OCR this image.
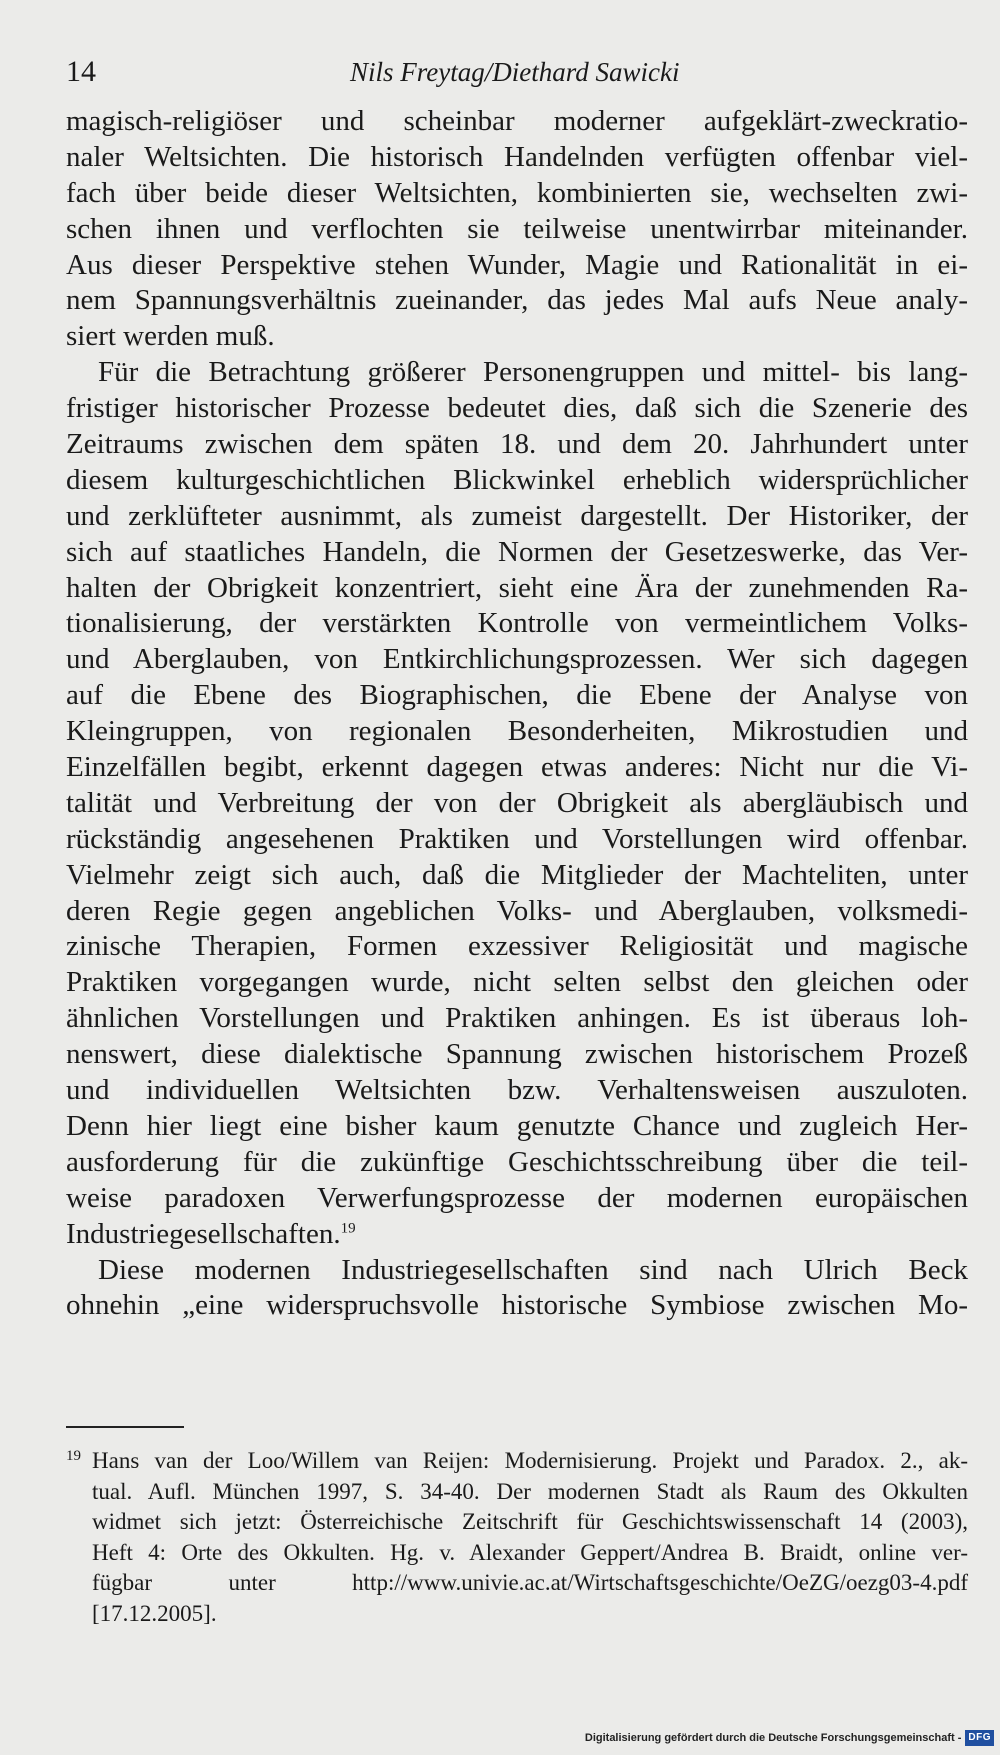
14	Nils Freytag/Diethard Sawicki
magisch-religiöser und scheinbar moderner aufgeklärt-zweckratio-
naler Weltsichten. Die historisch Handelnden verfügten offenbar viel-
fach über beide dieser Weltsichten, kombinierten sie, wechselten zwi-
schen ihnen und verflochten sie teilweise unentwirrbar miteinander.
Aus dieser Perspektive stehen Wunder, Magie und Rationalität in ei-
nem Spannungsverhältnis zueinander, das jedes Mal aufs Neue analy-
siert werden muß.
Für die Betrachtung größerer Personengruppen und mittel- bis lang-
fristiger historischer Prozesse bedeutet dies, daß sich die Szenerie des
Zeitraums zwischen dem späten 18. und dem 20. Jahrhundert unter
diesem kulturgeschichtlichen Blickwinkel erheblich widersprüchlicher
und zerklüfteter ausnimmt, als zumeist dargestellt. Der Historiker, der
sich auf staatliches Handeln, die Normen der Gesetzeswerke, das Ver-
halten der Obrigkeit konzentriert, sieht eine Ära der zunehmenden Ra-
tionalisierung, der verstärkten Kontrolle von vermeintlichem Volks-
und Aberglauben, von Entkirchlichungsprozessen. Wer sich dagegen
auf die Ebene des Biographischen, die Ebene der Analyse von
Kleingruppen, von regionalen Besonderheiten, Mikrostudien und
Einzelfällen begibt, erkennt dagegen etwas anderes: Nicht nur die Vi-
talität und Verbreitung der von der Obrigkeit als abergläubisch und
rückständig angesehenen Praktiken und Vorstellungen wird offenbar.
Vielmehr zeigt sich auch, daß die Mitglieder der Machteliten, unter
deren Regie gegen angeblichen Volks- und Aberglauben, volksmedi-
zinische Therapien, Formen exzessiver Religiosität und magische
Praktiken vorgegangen wurde, nicht selten selbst den gleichen oder
ähnlichen Vorstellungen und Praktiken anhingen. Es ist überaus loh-
nenswert, diese dialektische Spannung zwischen historischem Prozeß
und individuellen Weltsichten bzw. Verhaltensweisen auszuloten.
Denn hier liegt eine bisher kaum genutzte Chance und zugleich Her-
ausforderung für die zukünftige Geschichtsschreibung über die teil-
weise paradoxen Verwerfungsprozesse der modernen europäischen
Industriegesellschaften.$^{19}$
Diese modernen Industriegesellschaften sind nach Ulrich Beck
ohnehin „eine widerspruchsvolle historische Symbiose zwischen Mo-
19 Hans van der Loo/Willem van Reijen: Modernisierung. Projekt und Paradox. 2., ak-
tual. Aufl. München 1997, S. 34-40. Der modernen Stadt als Raum des Okkulten
widmet sich jetzt: Österreichische Zeitschrift für Geschichtswissenschaft 14 (2003),
Heft 4: Orte des Okkulten. Hg. v. Alexander Geppert/Andrea B. Braidt, online ver-
fügbar unter http://www.univie.ac.at/Wirtschaftsgeschichte/OeZG/oezg03-4.pdf
[17.12.2005].
Digitalisierung gefördert durch die Deutsche Forschungsgemeinschaft - DFG
